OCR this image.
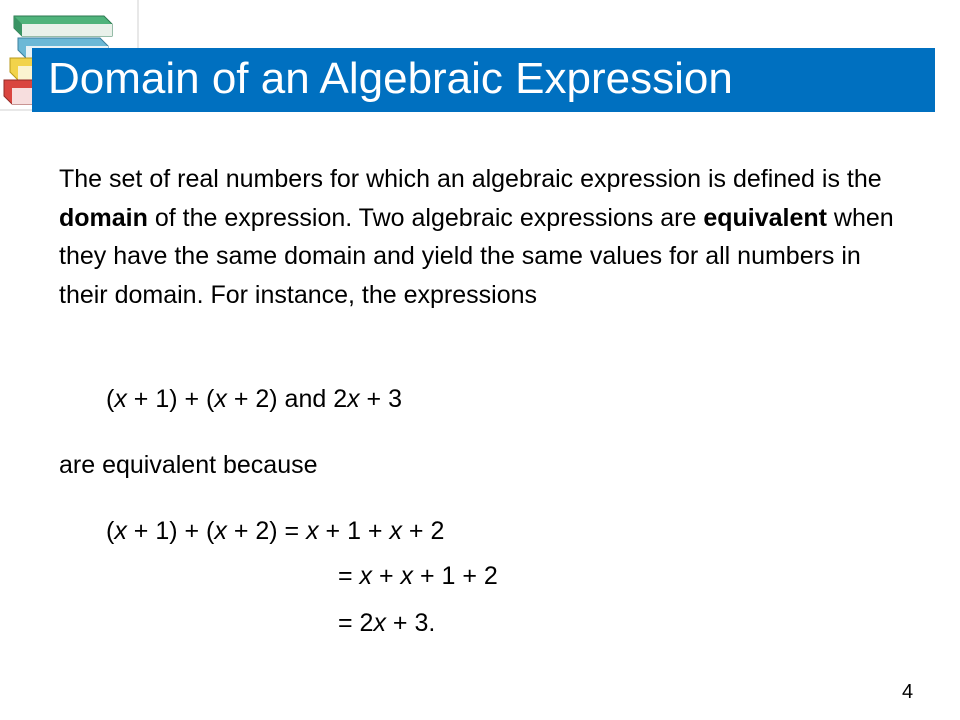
Domain of an Algebraic Expression

The set of real numbers for which an algebraic expression is defined is the domain of the expression. Two algebraic expressions are equivalent when they have the same domain and yield the same values for all numbers in their domain. For instance, the expressions

(x + 1) + (x + 2) and 2x + 3
are equivalent because
(x + 1) + (x + 2) = x + 1 + x + 2
= x + x + 1 + 2
= 2x + 3.
4
